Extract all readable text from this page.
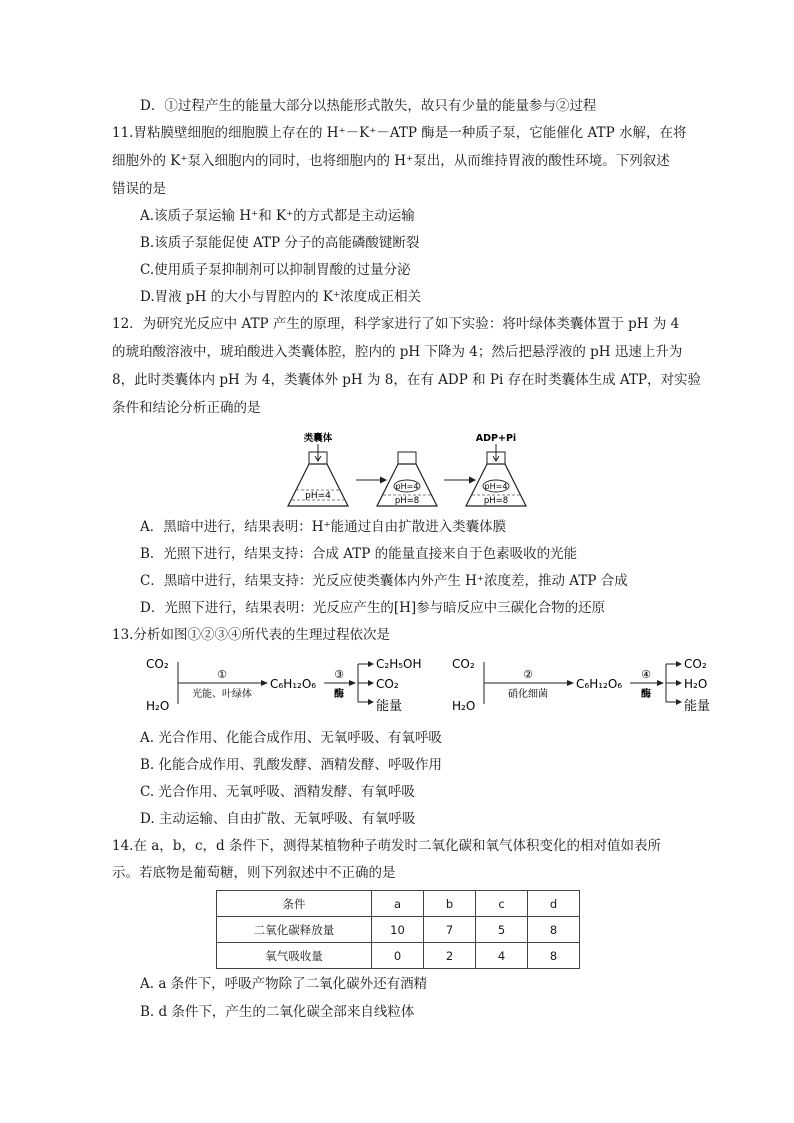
D．①过程产生的能量大部分以热能形式散失，故只有少量的能量参与②过程
11.胃粘膜壁细胞的细胞膜上存在的 H⁺－K⁺－ATP 酶是一种质子泵，它能催化 ATP 水解，在将
细胞外的 K⁺泵入细胞内的同时，也将细胞内的 H⁺泵出，从而维持胃液的酸性环境。下列叙述
错误的是
A.该质子泵运输 H⁺和 K⁺的方式都是主动运输
B.该质子泵能促使 ATP 分子的高能磷酸键断裂
C.使用质子泵抑制剂可以抑制胃酸的过量分泌
D.胃液 pH 的大小与胃腔内的 K⁺浓度成正相关
12．为研究光反应中 ATP 产生的原理，科学家进行了如下实验：将叶绿体类囊体置于 pH 为 4
的琥珀酸溶液中，琥珀酸进入类囊体腔，腔内的 pH 下降为 4；然后把悬浮液的 pH 迅速上升为
8，此时类囊体内 pH 为 4，类囊体外 pH 为 8，在有 ADP 和 Pi 存在时类囊体生成 ATP，对实验
条件和结论分析正确的是
类囊体
pH=4
pH=4
pH=8
ADP+Pi
pH=4
pH=8
A．黑暗中进行，结果表明：H⁺能通过自由扩散进入类囊体膜
B．光照下进行，结果支持：合成 ATP 的能量直接来自于色素吸收的光能
C．黑暗中进行，结果支持：光反应使类囊体内外产生 H⁺浓度差，推动 ATP 合成
D．光照下进行，结果表明：光反应产生的[H]参与暗反应中三碳化合物的还原
13.分析如图①②③④所代表的生理过程依次是
CO₂
H₂O
①
光能、叶绿体
C₆H₁₂O₆
③
酶
C₂H₅OH
CO₂
能量
CO₂
H₂O
②
硝化细菌
C₆H₁₂O₆
④
酶
CO₂
H₂O
能量
A. 光合作用、化能合成作用、无氧呼吸、有氧呼吸
B. 化能合成作用、乳酸发酵、酒精发酵、呼吸作用
C. 光合作用、无氧呼吸、酒精发酵、有氧呼吸
D. 主动运输、自由扩散、无氧呼吸、有氧呼吸
14.在 a，b，c，d 条件下，测得某植物种子萌发时二氧化碳和氧气体积变化的相对值如表所
示。若底物是葡萄糖，则下列叙述中不正确的是
条件	a	b	c	d
二氧化碳释放量	10	7	5	8
氧气吸收量	0	2	4	8
A. a 条件下，呼吸产物除了二氧化碳外还有酒精
B. d 条件下，产生的二氧化碳全部来自线粒体
